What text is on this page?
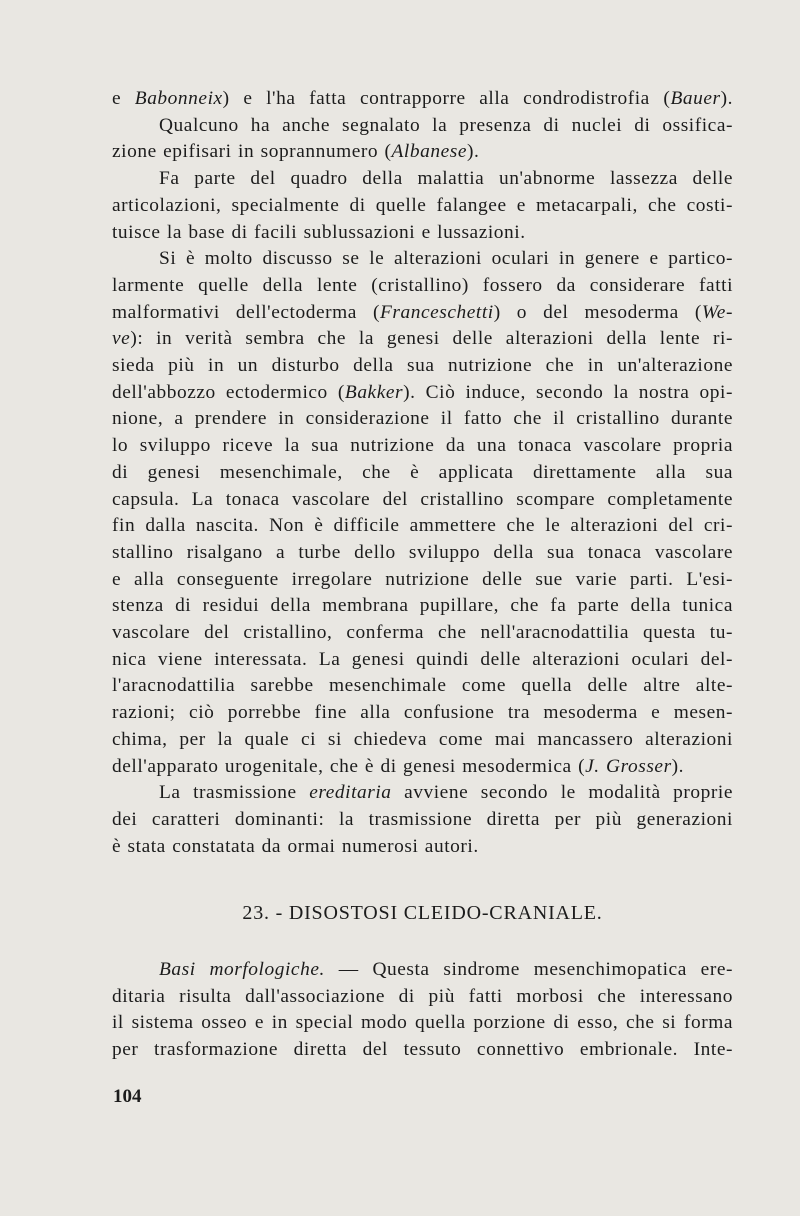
e Babonneix) e l'ha fatta contrapporre alla condrodistrofia (Bauer).
Qualcuno ha anche segnalato la presenza di nuclei di ossifica-
zione epifisari in soprannumero (Albanese).
Fa parte del quadro della malattia un'abnorme lassezza delle
articolazioni, specialmente di quelle falangee e metacarpali, che costi-
tuisce la base di facili sublussazioni e lussazioni.
Si è molto discusso se le alterazioni oculari in genere e partico-
larmente quelle della lente (cristallino) fossero da considerare fatti
malformativi dell'ectoderma (Franceschetti) o del mesoderma (We-
ve): in verità sembra che la genesi delle alterazioni della lente ri-
sieda più in un disturbo della sua nutrizione che in un'alterazione
dell'abbozzo ectodermico (Bakker). Ciò induce, secondo la nostra opi-
nione, a prendere in considerazione il fatto che il cristallino durante
lo sviluppo riceve la sua nutrizione da una tonaca vascolare propria
di genesi mesenchimale, che è applicata direttamente alla sua
capsula. La tonaca vascolare del cristallino scompare completamente
fin dalla nascita. Non è difficile ammettere che le alterazioni del cri-
stallino risalgano a turbe dello sviluppo della sua tonaca vascolare
e alla conseguente irregolare nutrizione delle sue varie parti. L'esi-
stenza di residui della membrana pupillare, che fa parte della tunica
vascolare del cristallino, conferma che nell'aracnodattilia questa tu-
nica viene interessata. La genesi quindi delle alterazioni oculari del-
l'aracnodattilia sarebbe mesenchimale come quella delle altre alte-
razioni; ciò porrebbe fine alla confusione tra mesoderma e mesen-
chima, per la quale ci si chiedeva come mai mancassero alterazioni
dell'apparato urogenitale, che è di genesi mesodermica (J. Grosser).
La trasmissione ereditaria avviene secondo le modalità proprie
dei caratteri dominanti: la trasmissione diretta per più generazioni
è stata constatata da ormai numerosi autori.
23. - DISOSTOSI CLEIDO-CRANIALE.
Basi morfologiche. — Questa sindrome mesenchimopatica ere-
ditaria risulta dall'associazione di più fatti morbosi che interessano
il sistema osseo e in special modo quella porzione di esso, che si forma
per trasformazione diretta del tessuto connettivo embrionale. Inte-
104
